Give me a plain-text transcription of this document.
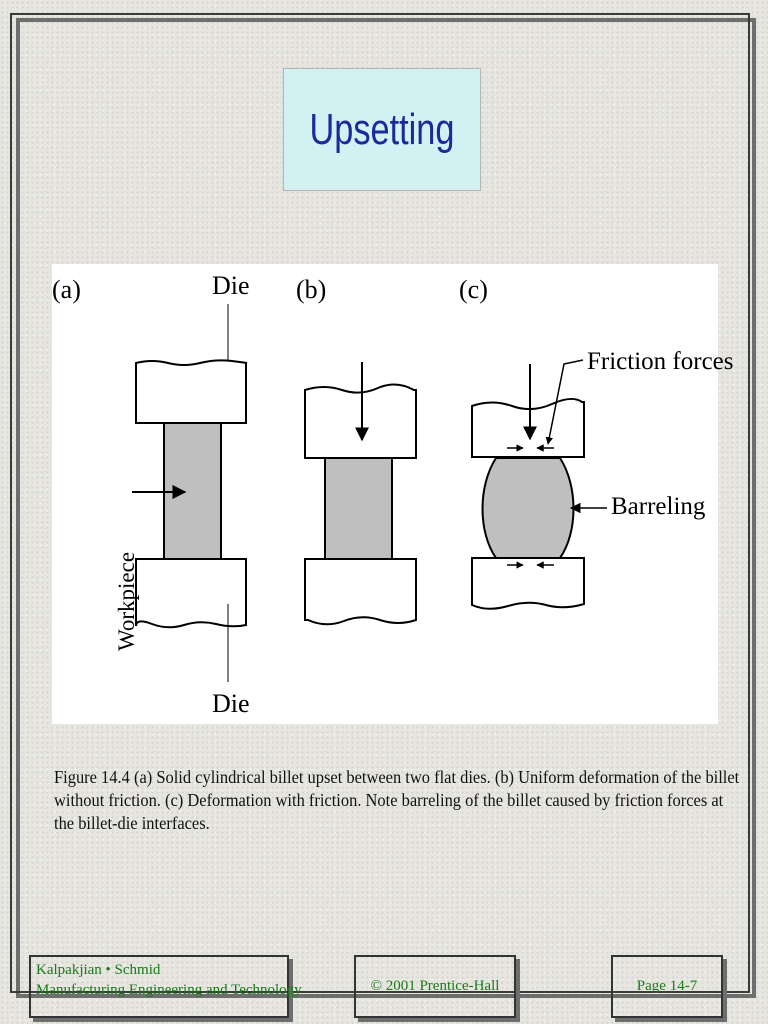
Upsetting
(a)	(b)	(c)
Die
Workpiece
Die
Friction forces
Barreling
Figure 14.4 (a) Solid cylindrical billet upset between two flat dies. (b) Uniform deformation of the billet
without friction. (c) Deformation with friction. Note barreling of the billet caused by friction forces at
the billet-die interfaces.
Kalpakjian • Schmid
Manufacturing Engineering and Technology	© 2001 Prentice-Hall	Page 14-7
